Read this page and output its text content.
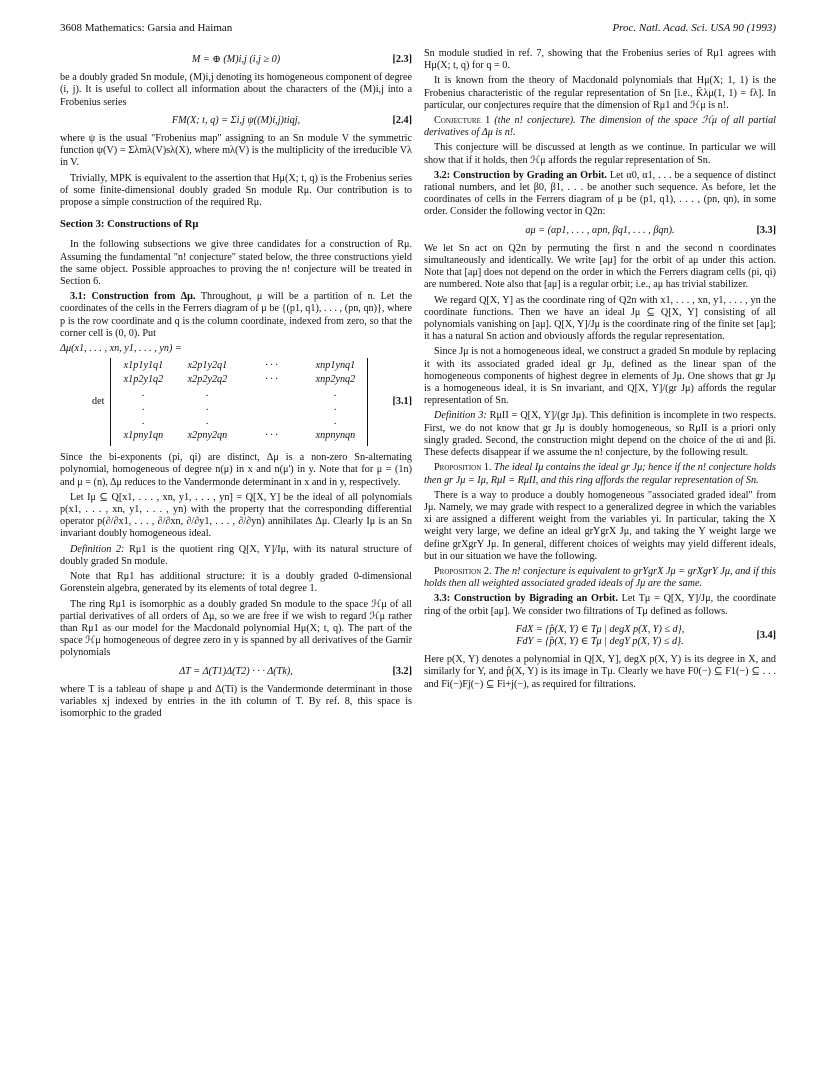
3608 Mathematics: Garsia and Haiman	Proc. Natl. Acad. Sci. USA 90 (1993)
M = ⊕ (M)i,j (i,j ≥ 0)	[2.3]

be a doubly graded Sn module, (M)i,j denoting its homogeneous component of degree (i, j). It is useful to collect all information about the characters of the (M)i,j into a Frobenius series

FM(X; t, q) = Σi,j ψ((M)i,j)tiqj,	[2.4]

where ψ is the usual "Frobenius map" assigning to an Sn module V the symmetric function ψ(V) = Σλmλ(V)sλ(X), where mλ(V) is the multiplicity of the irreducible Vλ in V.

Trivially, MPK is equivalent to the assertion that Hμ(X; t, q) is the Frobenius series of some finite-dimensional doubly graded Sn module Rμ. Our contribution is to propose a simple construction of the required Rμ.

Section 3: Constructions of Rμ

In the following subsections we give three candidates for a construction of Rμ. Assuming the fundamental "n! conjecture" stated below, the three constructions yield the same object. Possible approaches to proving the n! conjecture will be treated in Section 6.

3.1: Construction from Δμ. Throughout, μ will be a partition of n. Let the coordinates of the cells in the Ferrers diagram of μ be {(p1, q1), . . . , (pn, qn)}, where p is the row coordinate and q is the column coordinate, indexed from zero, so that the corner cell is (0, 0). Put

Δμ(x1, . . . , xn, y1, . . . , yn) =

det
x1p1y1q1	x2p1y2q1	· · ·	xnp1ynq1
x1p2y1q2	x2p2y2q2	· · ·	xnp2ynq2
.	.	.
.	.	.
.	.	.
x1pny1qn	x2pny2qn	· · ·	xnpnynqn
[3.1]

Since the bi-exponents (pi, qi) are distinct, Δμ is a non-zero Sn-alternating polynomial, homogeneous of degree n(μ) in x and n(μ') in y. Note that for μ = (1n) and μ = (n), Δμ reduces to the Vandermonde determinant in x and in y, respectively.

Let Iμ ⊆ Q[x1, . . . , xn, y1, . . . , yn] = Q[X, Y] be the ideal of all polynomials p(x1, . . . , xn, y1, . . . , yn) with the property that the corresponding differential operator p(∂/∂x1, . . . , ∂/∂xn, ∂/∂y1, . . . , ∂/∂yn) annihilates Δμ. Clearly Iμ is an Sn invariant doubly homogeneous ideal.

Definition 2: Rμ1 is the quotient ring Q[X, Y]/Iμ, with its natural structure of doubly graded Sn module.

Note that Rμ1 has additional structure: it is a doubly graded 0-dimensional Gorenstein algebra, generated by its elements of total degree 1.

The ring Rμ1 is isomorphic as a doubly graded Sn module to the space ℋμ of all partial derivatives of all orders of Δμ, so we are free if we wish to regard ℋμ rather than Rμ1 as our model for the Macdonald polynomial Hμ(X; t, q). The part of the space ℋμ homogeneous of degree zero in y is spanned by all derivatives of the Garnir polynomials

ΔT = Δ(T1)Δ(T2) · · · Δ(Tk),	[3.2]

where T is a tableau of shape μ and Δ(Ti) is the Vandermonde determinant in those variables xj indexed by entries in the ith column of T. By ref. 8, this space is isomorphic to the graded

Sn module studied in ref. 7, showing that the Frobenius series of Rμ1 agrees with Hμ(X; t, q) for q = 0.

It is known from the theory of Macdonald polynomials that Hμ(X; 1, 1) is the Frobenius characteristic of the regular representation of Sn [i.e., K̃λμ(1, 1) = fλ]. In particular, our conjectures require that the dimension of Rμ1 and ℋμ is n!.

Conjecture 1 (the n! conjecture). The dimension of the space ℋμ of all partial derivatives of Δμ is n!.

This conjecture will be discussed at length as we continue. In particular we will show that if it holds, then ℋμ affords the regular representation of Sn.

3.2: Construction by Grading an Orbit. Let α0, α1, . . . be a sequence of distinct rational numbers, and let β0, β1, . . . be another such sequence. As before, let the coordinates of cells in the Ferrers diagram of μ be (p1, q1), . . . , (pn, qn), in some order. Consider the following vector in Q2n:

aμ = (αp1, . . . , αpn, βq1, . . . , βqn).	[3.3]

We let Sn act on Q2n by permuting the first n and the second n coordinates simultaneously and identically. We write [aμ] for the orbit of aμ under this action. Note that [aμ] does not depend on the order in which the Ferrers diagram cells (pi, qi) are numbered. Note also that [aμ] is a regular orbit; i.e., aμ has trivial stabilizer.

We regard Q[X, Y] as the coordinate ring of Q2n with x1, . . . , xn, y1, . . . , yn the coordinate functions. Then we have an ideal Jμ ⊆ Q[X, Y] consisting of all polynomials vanishing on [aμ]. Q[X, Y]/Jμ is the coordinate ring of the finite set [aμ]; it has a natural Sn action and obviously affords the regular representation.

Since Jμ is not a homogeneous ideal, we construct a graded Sn module by replacing it with its associated graded ideal gr Jμ, defined as the linear span of the homogeneous components of highest degree in elements of Jμ. One shows that gr Jμ is a homogeneous ideal, it is Sn invariant, and Q[X, Y]/(gr Jμ) affords the regular representation of Sn.

Definition 3: RμII = Q[X, Y]/(gr Jμ). This definition is incomplete in two respects. First, we do not know that gr Jμ is doubly homogeneous, so RμII is a priori only singly graded. Second, the construction might depend on the choice of the αi and βi. These defects disappear if we assume the n! conjecture, by the following result.

Proposition 1. The ideal Iμ contains the ideal gr Jμ; hence if the n! conjecture holds then gr Jμ = Iμ, RμI = RμII, and this ring affords the regular representation of Sn.

There is a way to produce a doubly homogeneous "associated graded ideal" from Jμ. Namely, we may grade with respect to a generalized degree in which the variables xi are assigned a different weight from the variables yi. In particular, taking the X weight very large, we define an ideal grYgrX Jμ, and taking the Y weight large we define grXgrY Jμ. In general, different choices of weights may yield different ideals, but in our situation we have the following.

Proposition 2. The n! conjecture is equivalent to grYgrX Jμ = grXgrY Jμ, and if this holds then all weighted associated graded ideals of Jμ are the same.

3.3: Construction by Bigrading an Orbit. Let Tμ = Q[X, Y]/Jμ, the coordinate ring of the orbit [aμ]. We consider two filtrations of Tμ defined as follows.

FdX = {p̂(X, Y) ∈ Tμ | degX p(X, Y) ≤ d},
FdY = {p̂(X, Y) ∈ Tμ | degY p(X, Y) ≤ d}.
[3.4]

Here p(X, Y) denotes a polynomial in Q[X, Y], degX p(X, Y) is its degree in X, and similarly for Y, and p̂(X, Y) is its image in Tμ. Clearly we have F0(−) ⊆ F1(−) ⊆ . . . and Fi(−)Fj(−) ⊆ Fi+j(−), as required for filtrations.
